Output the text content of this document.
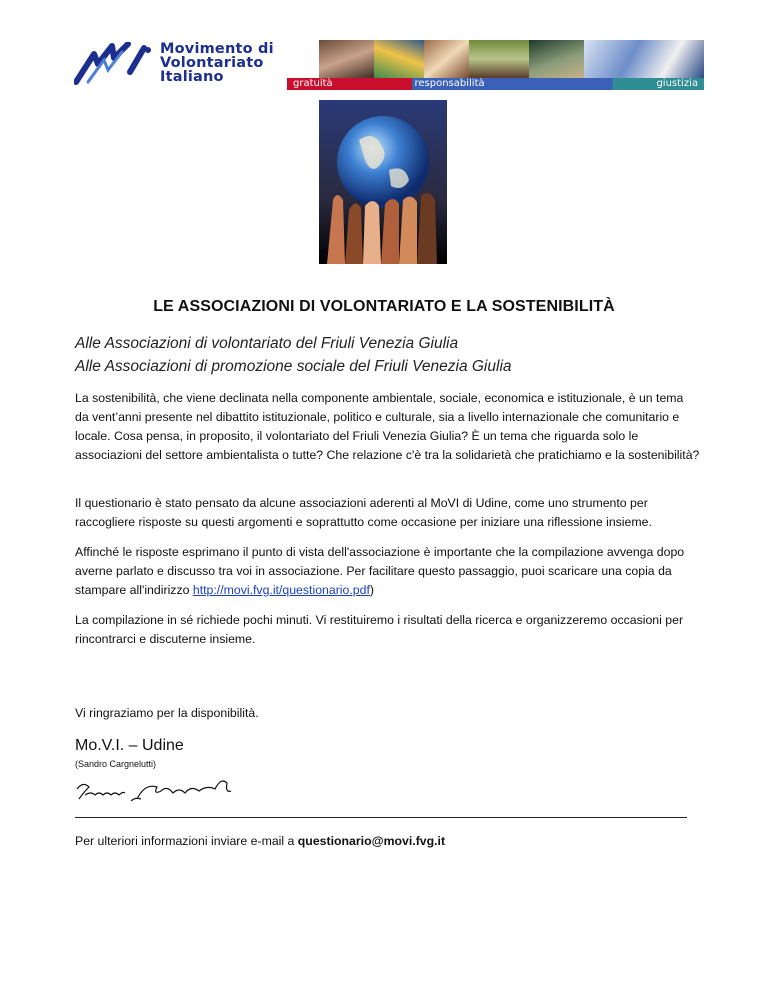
Movimento di
Volontariato
Italiano	gratuità	responsabilità	giustizia
LE ASSOCIAZIONI DI VOLONTARIATO E LA SOSTENIBILITÀ
Alle Associazioni di volontariato del Friuli Venezia Giulia
Alle Associazioni di promozione sociale del Friuli Venezia Giulia
La sostenibilità, che viene declinata nella componente ambientale, sociale, economica e istituzionale, è un tema da vent’anni presente nel dibattito istituzionale, politico e culturale, sia a livello internazionale che comunitario e locale. Cosa pensa, in proposito, il volontariato del Friuli Venezia Giulia? È un tema che riguarda solo le associazioni del settore ambientalista o tutte? Che relazione c'è tra la solidarietà che pratichiamo e la sostenibilità?
Il questionario è stato pensato da alcune associazioni aderenti al MoVI di Udine, come uno strumento per raccogliere risposte su questi argomenti e soprattutto come occasione per iniziare una riflessione insieme.
Affinché le risposte esprimano il punto di vista dell'associazione è importante che la compilazione avvenga dopo averne parlato e discusso tra voi in associazione. Per facilitare questo passaggio, puoi scaricare una copia da stampare all'indirizzo http://movi.fvg.it/questionario.pdf)
La compilazione in sé richiede pochi minuti. Vi restituiremo i risultati della ricerca e organizzeremo occasioni per rincontrarci e discuterne insieme.
Vi ringraziamo per la disponibilità.
Mo.V.I. – Udine
(Sandro Cargnelutti)
Per ulteriori informazioni inviare e-mail a questionario@movi.fvg.it
